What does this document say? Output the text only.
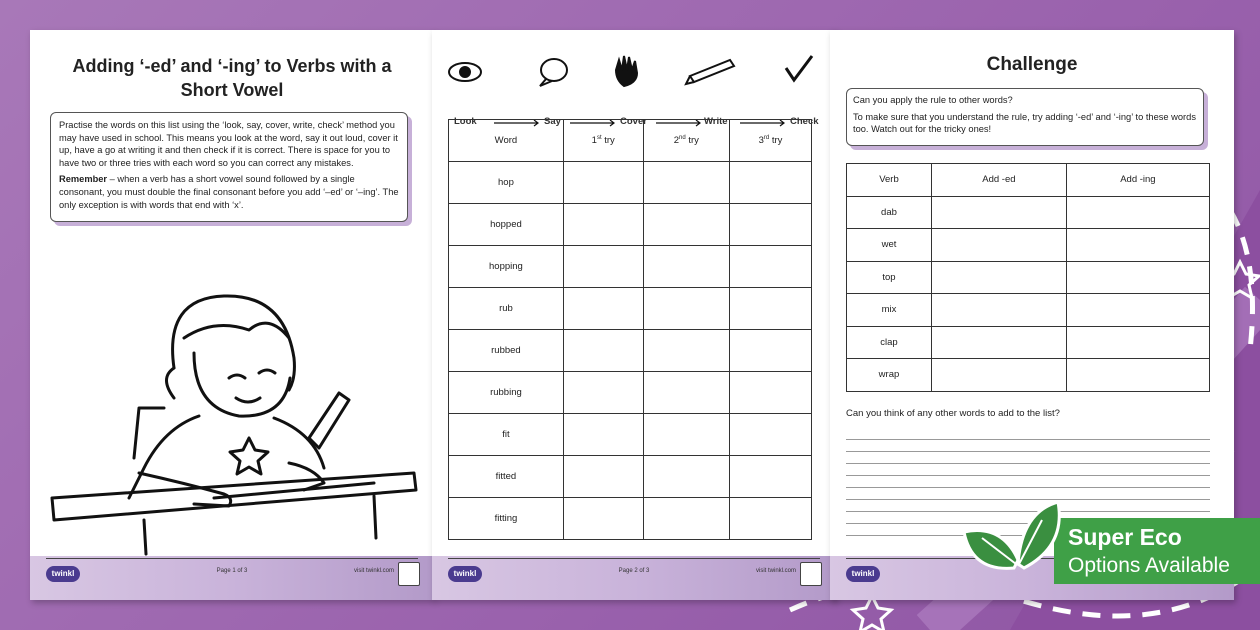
Adding ‘-ed’ and ‘-ing’ to Verbs with a Short Vowel

Practise the words on this list using the ‘look, say, cover, write, check’ method you may have used in school. This means you look at the word, say it out loud, cover it up, have a go at writing it and then check if it is correct. There is space for you to have two or three tries with each word so you can correct any mistakes.

Remember – when a verb has a short vowel sound followed by a single consonant, you must double the final consonant before you add ‘–ed’ or ‘–ing’. The only exception is with words that end with ‘x’.

twinkl	Page 1 of 3	visit twinkl.com
Look	Say	Cover	Write	Check
Word	1st try	2nd try	3rd try
hop			
hopped			
hopping			
rub			
rubbed			
rubbing			
fit			
fitted			
fitting			
twinkl	Page 2 of 3	visit twinkl.com
Challenge

Can you apply the rule to other words?

To make sure that you understand the rule, try adding ‘-ed’ and ‘-ing’ to these words too. Watch out for the tricky ones!

Verb	Add -ed	Add -ing
dab		
wet		
top		
mix		
clap		
wrap		
Can you think of any other words to add to the list?
twinkl
Super Eco
Options Available
